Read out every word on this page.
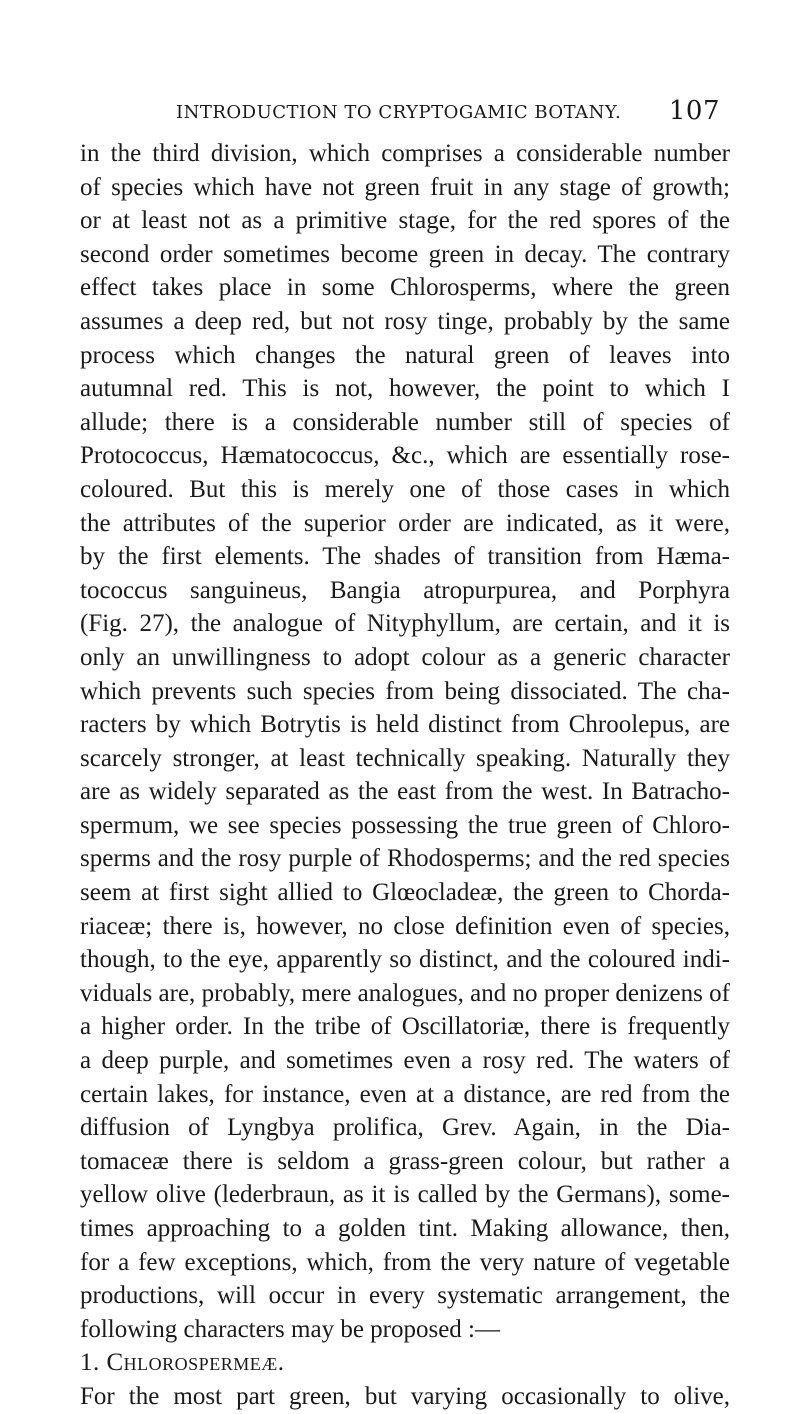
INTRODUCTION TO CRYPTOGAMIC BOTANY. 107
in the third division, which comprises a considerable number
of species which have not green fruit in any stage of growth;
or at least not as a primitive stage, for the red spores of the
second order sometimes become green in decay. The contrary
effect takes place in some Chlorosperms, where the green
assumes a deep red, but not rosy tinge, probably by the same
process which changes the natural green of leaves into
autumnal red. This is not, however, the point to which I
allude; there is a considerable number still of species of
Protococcus, Hæmatococcus, &c., which are essentially rose-
coloured. But this is merely one of those cases in which
the attributes of the superior order are indicated, as it were,
by the first elements. The shades of transition from Hæma-
tococcus sanguineus, Bangia atropurpurea, and Porphyra
(Fig. 27), the analogue of Nityphyllum, are certain, and it is
only an unwillingness to adopt colour as a generic character
which prevents such species from being dissociated. The cha-
racters by which Botrytis is held distinct from Chroolepus, are
scarcely stronger, at least technically speaking. Naturally they
are as widely separated as the east from the west. In Batracho-
spermum, we see species possessing the true green of Chloro-
sperms and the rosy purple of Rhodosperms; and the red species
seem at first sight allied to Glœocladeæ, the green to Chorda-
riaceæ; there is, however, no close definition even of species,
though, to the eye, apparently so distinct, and the coloured indi-
viduals are, probably, mere analogues, and no proper denizens of
a higher order. In the tribe of Oscillatoriæ, there is frequently
a deep purple, and sometimes even a rosy red. The waters of
certain lakes, for instance, even at a distance, are red from the
diffusion of Lyngbya prolifica, Grev. Again, in the Dia-
tomaceæ there is seldom a grass-green colour, but rather a
yellow olive (lederbraun, as it is called by the Germans), some-
times approaching to a golden tint. Making allowance, then,
for a few exceptions, which, from the very nature of vegetable
productions, will occur in every systematic arrangement, the
following characters may be proposed :—
1. Chlorospermeæ.
For the most part green, but varying occasionally to olive,
